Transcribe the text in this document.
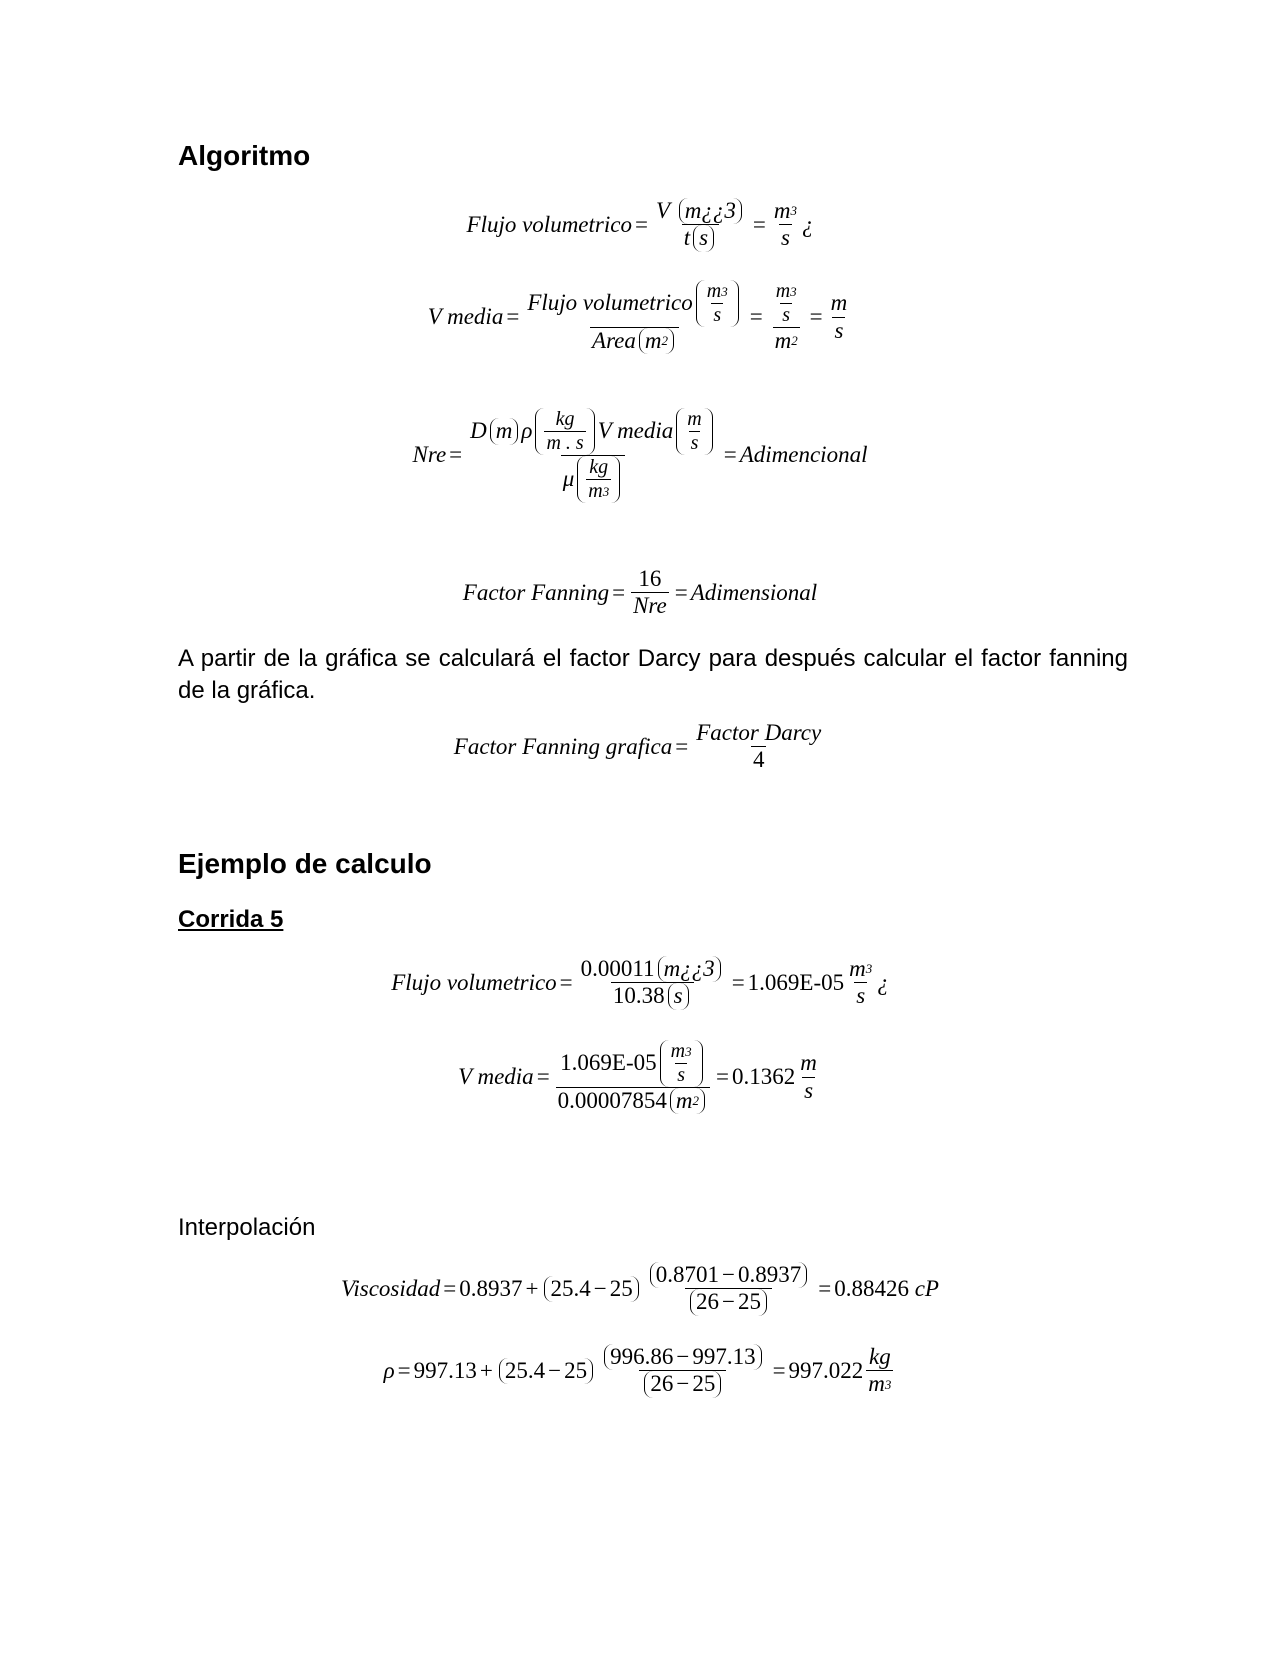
Algoritmo
Flujo volumetrico = V
m¿¿3
t $s = \frac{m 3}{s}$ ¿
V media = $\frac{Flujo volumetrico \frac{m 3}{s}}{\text{Area m 2}} = \frac{\frac{m 3}{s}}{m 2} = \frac{m}{s}$
Nre =
D m ρ $\frac{kg}{m . s}$ V media $\frac{m}{s}$
μ $\frac{kg}{m 3}$
= Adimencional
Factor Fanning = $\frac{16}{\text{Nre}}$ = Adimensional

A partir de la gráfica se calculará el factor Darcy para después calcular el factor fanning de la gráfica.

Factor Fanning grafica = $\frac{\text{Factor Darcy}}{4}$
Ejemplo de calculo
Corrida 5
Flujo volumetrico = $\frac{0.00011 m¿¿3}{10.38 s} = 1.069E-05 \frac{m 3}{s}$ ¿
V media = $\frac{1.069E-05 \frac{m 3}{s}}{0.00007854 m 2} = 0.1362 \frac{m}{s}$

Interpolación

Viscosidad = $0.8937 + 25.4 - 25 \frac{0.8701 - 0.8937}{26 - 25} = 0.88426$
cP
$\rho = 997.13 + 25.4 - 25 \frac{996.86 - 997.13}{26 - 25} = 997.022 \frac{kg}{m 3}$
